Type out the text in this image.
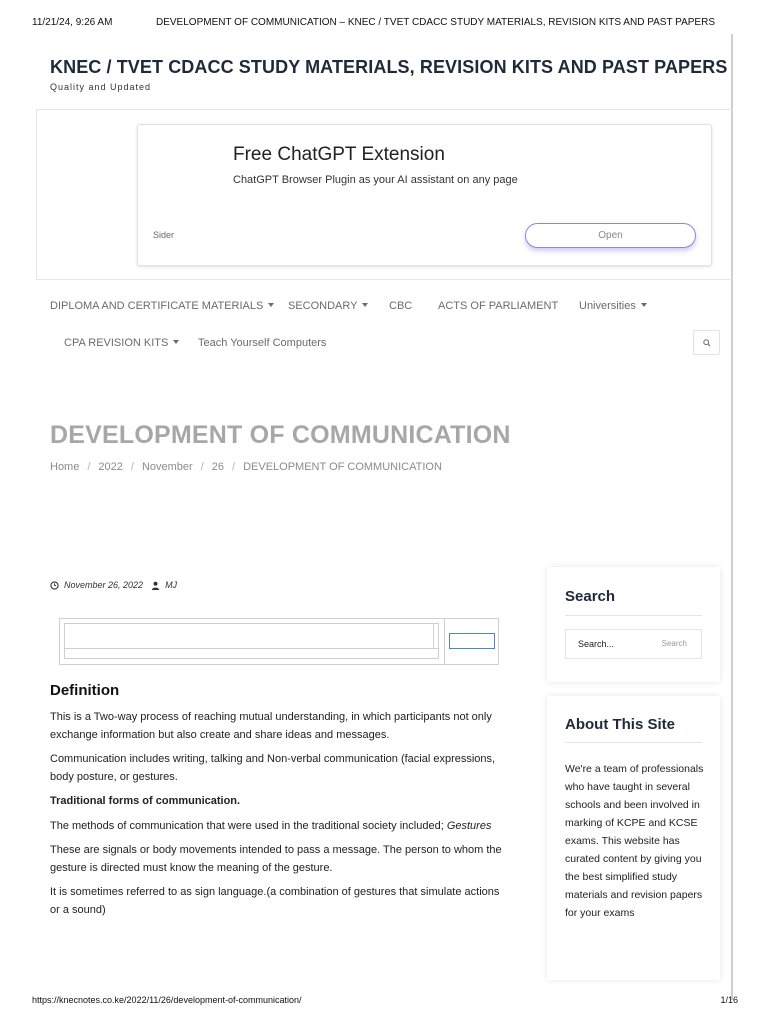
11/21/24, 9:26 AM	DEVELOPMENT OF COMMUNICATION – KNEC / TVET CDACC STUDY MATERIALS, REVISION KITS AND PAST PAPERS
KNEC / TVET CDACC STUDY MATERIALS, REVISION KITS AND PAST PAPERS
Quality and Updated
Free ChatGPT Extension
ChatGPT Browser Plugin as your AI assistant on any page
Sider	Open
DIPLOMA AND CERTIFICATE MATERIALS	SECONDARY	CBC ACTS OF PARLIAMENT Universities
CPA REVISION KITS	Teach Yourself Computers
DEVELOPMENT OF COMMUNICATION
Home / 2022 / November / 26 / DEVELOPMENT OF COMMUNICATION
November 26, 2022 MJ
Definition

This is a Two-way process of reaching mutual understanding, in which participants not only exchange information but also create and share ideas and messages.

Communication includes writing, talking and Non-verbal communication (facial expressions, body posture, or gestures.

Traditional forms of communication.

The methods of communication that were used in the traditional society included; Gestures

These are signals or body movements intended to pass a message. The person to whom the gesture is directed must know the meaning of the gesture.

It is sometimes referred to as sign language.(a combination of gestures that simulate actions or a sound)

Search
Search...	Search
About This Site

We're a team of professionals who have taught in several schools and been involved in marking of KCPE and KCSE exams. This website has curated content by giving you the best simplified study materials and revision papers for your exams

https://knecnotes.co.ke/2022/11/26/development-of-communication/	1/16
